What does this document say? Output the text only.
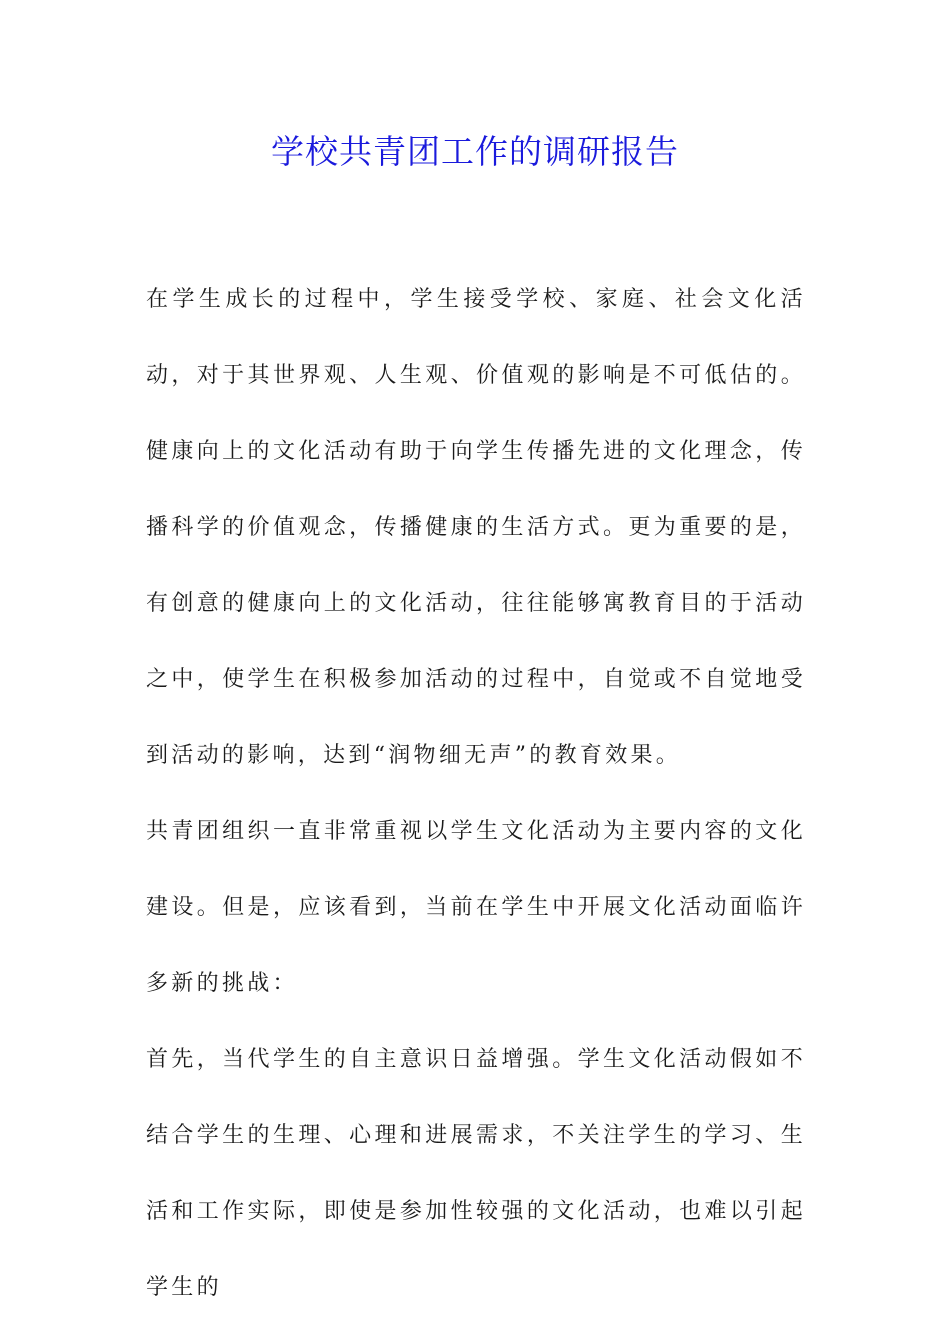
学校共青团工作的调研报告

在学生成长的过程中，学生接受学校、家庭、社会文化活动，对于其世界观、人生观、价值观的影响是不可低估的。健康向上的文化活动有助于向学生传播先进的文化理念，传播科学的价值观念，传播健康的生活方式。更为重要的是，有创意的健康向上的文化活动，往往能够寓教育目的于活动之中，使学生在积极参加活动的过程中，自觉或不自觉地受到活动的影响，达到“润物细无声”的教育效果。

共青团组织一直非常重视以学生文化活动为主要内容的文化建设。但是，应该看到，当前在学生中开展文化活动面临许多新的挑战：

首先，当代学生的自主意识日益增强。学生文化活动假如不结合学生的生理、心理和进展需求，不关注学生的学习、生活和工作实际，即使是参加性较强的文化活动，也难以引起学生的
